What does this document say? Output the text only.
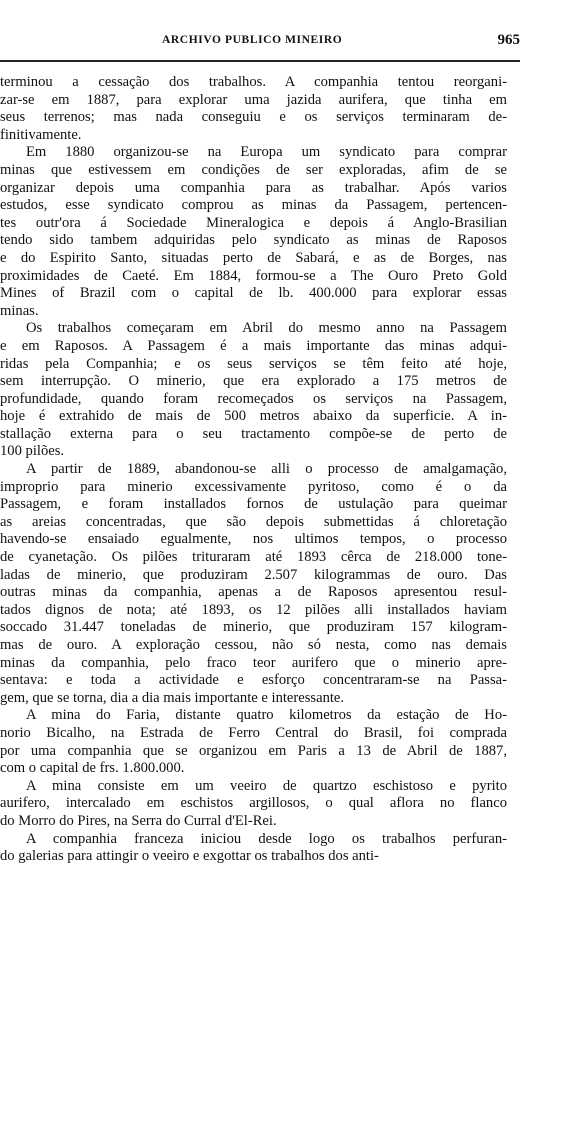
ARCHIVO PUBLICO MINEIRO	965
terminou a cessação dos trabalhos. A companhia tentou reorgani-
zar-se em 1887, para explorar uma jazida aurifera, que tinha em
seus terrenos; mas nada conseguiu e os serviços terminaram de-
finitivamente.
Em 1880 organizou-se na Europa um syndicato para comprar
minas que estivessem em condições de ser exploradas, afim de se
organizar depois uma companhia para as trabalhar. Após varios
estudos, esse syndicato comprou as minas da Passagem, pertencen-
tes outr'ora á Sociedade Mineralogica e depois á Anglo-Brasilian
tendo sido tambem adquiridas pelo syndicato as minas de Raposos
e do Espirito Santo, situadas perto de Sabará, e as de Borges, nas
proximidades de Caeté. Em 1884, formou-se a The Ouro Preto Gold
Mines of Brazil com o capital de lb. 400.000 para explorar essas
minas.
Os trabalhos começaram em Abril do mesmo anno na Passagem
e em Raposos. A Passagem é a mais importante das minas adqui-
ridas pela Companhia; e os seus serviços se têm feito até hoje,
sem interrupção. O minerio, que era explorado a 175 metros de
profundidade, quando foram recomeçados os serviços na Passagem,
hoje é extrahido de mais de 500 metros abaixo da superficie. A in-
stallação externa para o seu tractamento compõe-se de perto de
100 pilões.
A partir de 1889, abandonou-se alli o processo de amalgamação,
improprio para minerio excessivamente pyritoso, como é o da
Passagem, e foram installados fornos de ustulação para queimar
as areias concentradas, que são depois submettidas á chloretação
havendo-se ensaiado egualmente, nos ultimos tempos, o processo
de cyanetação. Os pilões trituraram até 1893 cêrca de 218.000 tone-
ladas de minerio, que produziram 2.507 kilogrammas de ouro. Das
outras minas da companhia, apenas a de Raposos apresentou resul-
tados dignos de nota; até 1893, os 12 pilões alli installados haviam
soccado 31.447 toneladas de minerio, que produziram 157 kilogram-
mas de ouro. A exploração cessou, não só nesta, como nas demais
minas da companhia, pelo fraco teor aurifero que o minerio apre-
sentava: e toda a actividade e esforço concentraram-se na Passa-
gem, que se torna, dia a dia mais importante e interessante.
A mina do Faria, distante quatro kilometros da estação de Ho-
norio Bicalho, na Estrada de Ferro Central do Brasil, foi comprada
por uma companhia que se organizou em Paris a 13 de Abril de 1887,
com o capital de frs. 1.800.000.
A mina consiste em um veeiro de quartzo eschistoso e pyrito
aurifero, intercalado em eschistos argillosos, o qual aflora no flanco
do Morro do Pires, na Serra do Curral d'El-Rei.
A companhia franceza iniciou desde logo os trabalhos perfuran-
do galerias para attingir o veeiro e exgottar os trabalhos dos anti-
